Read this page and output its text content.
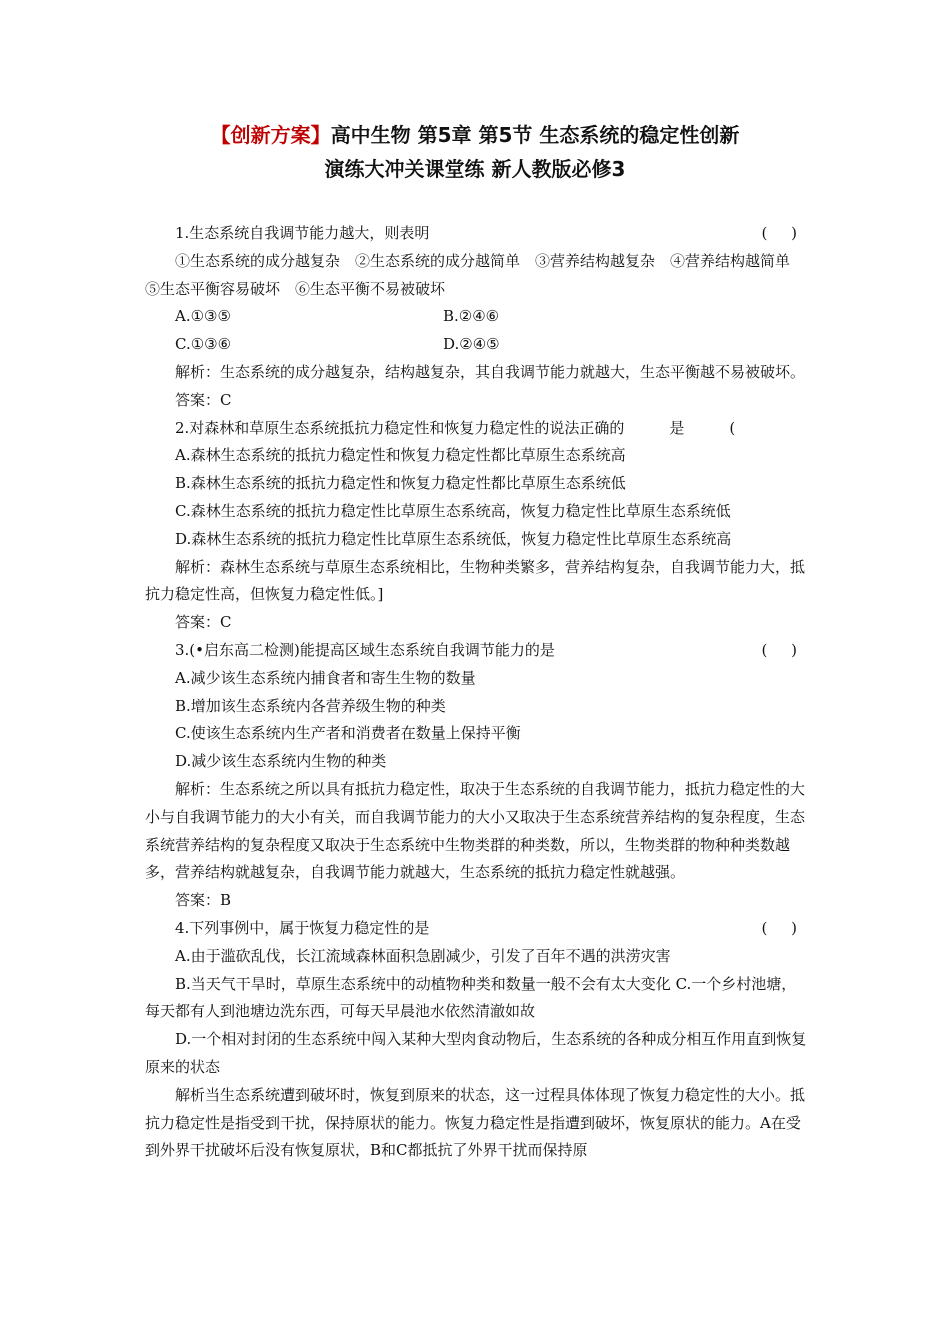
【创新方案】高中生物 第5章 第5节 生态系统的稳定性创新
演练大冲关课堂练 新人教版必修3
1.生态系统自我调节能力越大，则表明	(     )

①生态系统的成分越复杂　②生态系统的成分越简单　③营养结构越复杂　④营养结构越简单　⑤生态平衡容易破坏　⑥生态平衡不易被破坏

A.①③⑤	B.②④⑥
C.①③⑥	D.②④⑤

解析：生态系统的成分越复杂，结构越复杂，其自我调节能力就越大，生态平衡越不易被破坏。

答案：C

2.对森林和草原生态系统抵抗力稳定性和恢复力稳定性的说法正确的　　　是　　　(

A.森林生态系统的抵抗力稳定性和恢复力稳定性都比草原生态系统高

B.森林生态系统的抵抗力稳定性和恢复力稳定性都比草原生态系统低

C.森林生态系统的抵抗力稳定性比草原生态系统高，恢复力稳定性比草原生态系统低

D.森林生态系统的抵抗力稳定性比草原生态系统低，恢复力稳定性比草原生态系统高

解析：森林生态系统与草原生态系统相比，生物种类繁多，营养结构复杂，自我调节能力大，抵抗力稳定性高，但恢复力稳定性低。]

答案：C

3.(•启东高二检测)能提高区域生态系统自我调节能力的是	(     )

A.减少该生态系统内捕食者和寄生生物的数量

B.增加该生态系统内各营养级生物的种类

C.使该生态系统内生产者和消费者在数量上保持平衡

D.减少该生态系统内生物的种类

解析：生态系统之所以具有抵抗力稳定性，取决于生态系统的自我调节能力，抵抗力稳定性的大小与自我调节能力的大小有关，而自我调节能力的大小又取决于生态系统营养结构的复杂程度，生态系统营养结构的复杂程度又取决于生态系统中生物类群的种类数，所以，生物类群的物种种类数越多，营养结构就越复杂，自我调节能力就越大，生态系统的抵抗力稳定性就越强。

答案：B

4.下列事例中，属于恢复力稳定性的是	(     )

A.由于滥砍乱伐，长江流域森林面积急剧减少，引发了百年不遇的洪涝灾害

B.当天气干旱时，草原生态系统中的动植物种类和数量一般不会有太大变化 C.一个乡村池塘，每天都有人到池塘边洗东西，可每天早晨池水依然清澈如故

D.一个相对封闭的生态系统中闯入某种大型肉食动物后，生态系统的各种成分相互作用直到恢复原来的状态

解析当生态系统遭到破坏时，恢复到原来的状态，这一过程具体体现了恢复力稳定性的大小。抵抗力稳定性是指受到干扰，保持原状的能力。恢复力稳定性是指遭到破坏，恢复原状的能力。A在受到外界干扰破坏后没有恢复原状，B和C都抵抗了外界干扰而保持原
